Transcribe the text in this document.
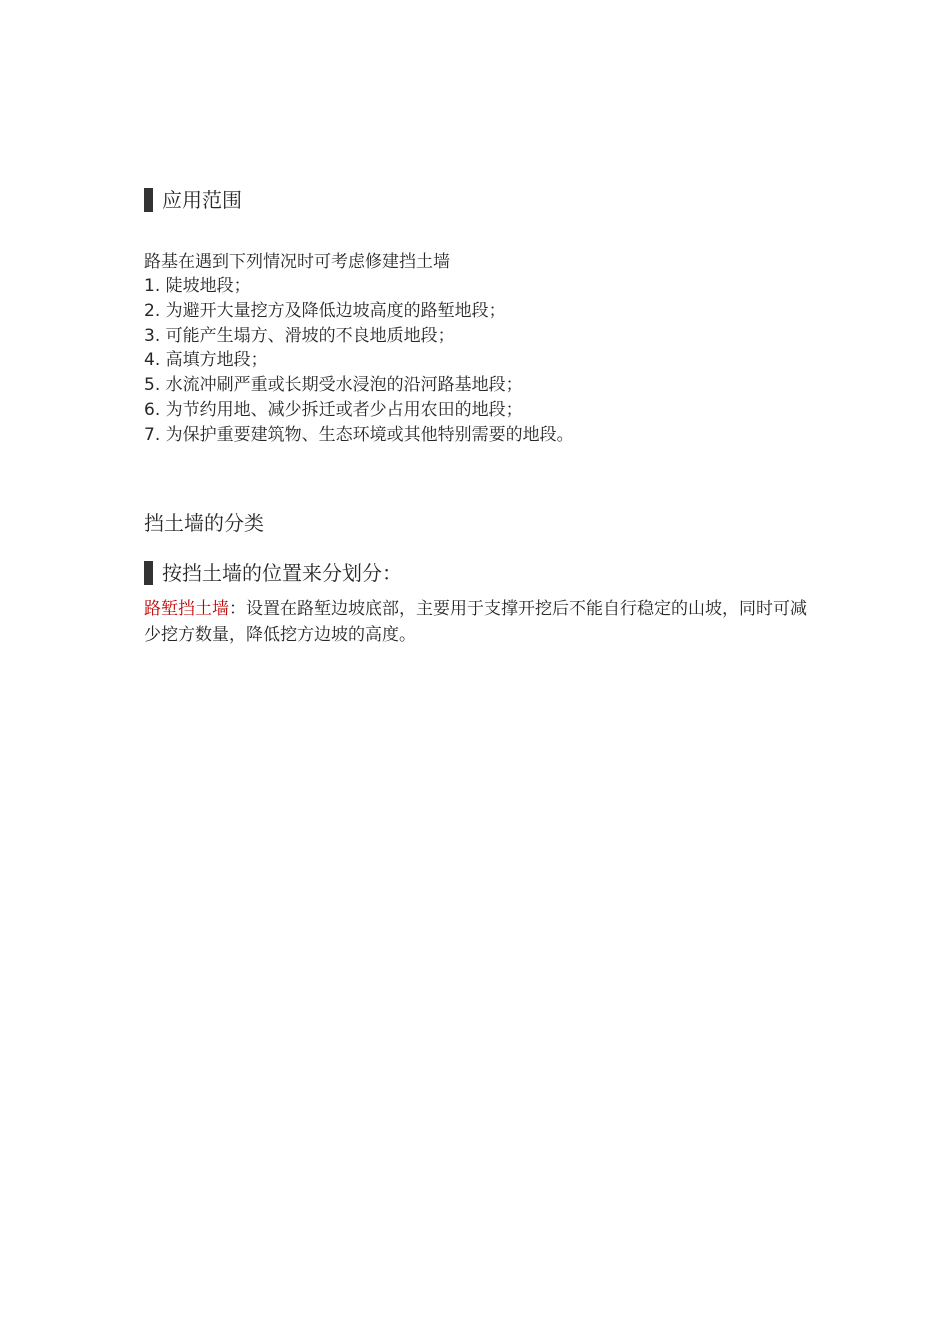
应用范围
路基在遇到下列情况时可考虑修建挡土墙
1. 陡坡地段；
2. 为避开大量挖方及降低边坡高度的路堑地段；
3. 可能产生塌方、滑坡的不良地质地段；
4. 高填方地段；
5. 水流冲刷严重或长期受水浸泡的沿河路基地段；
6. 为节约用地、减少拆迁或者少占用农田的地段；
7. 为保护重要建筑物、生态环境或其他特别需要的地段。
挡土墙的分类
按挡土墙的位置来分划分：
路堑挡土墙：设置在路堑边坡底部，主要用于支撑开挖后不能自行稳定的山坡，同时可减少挖方数量，降低挖方边坡的高度。
